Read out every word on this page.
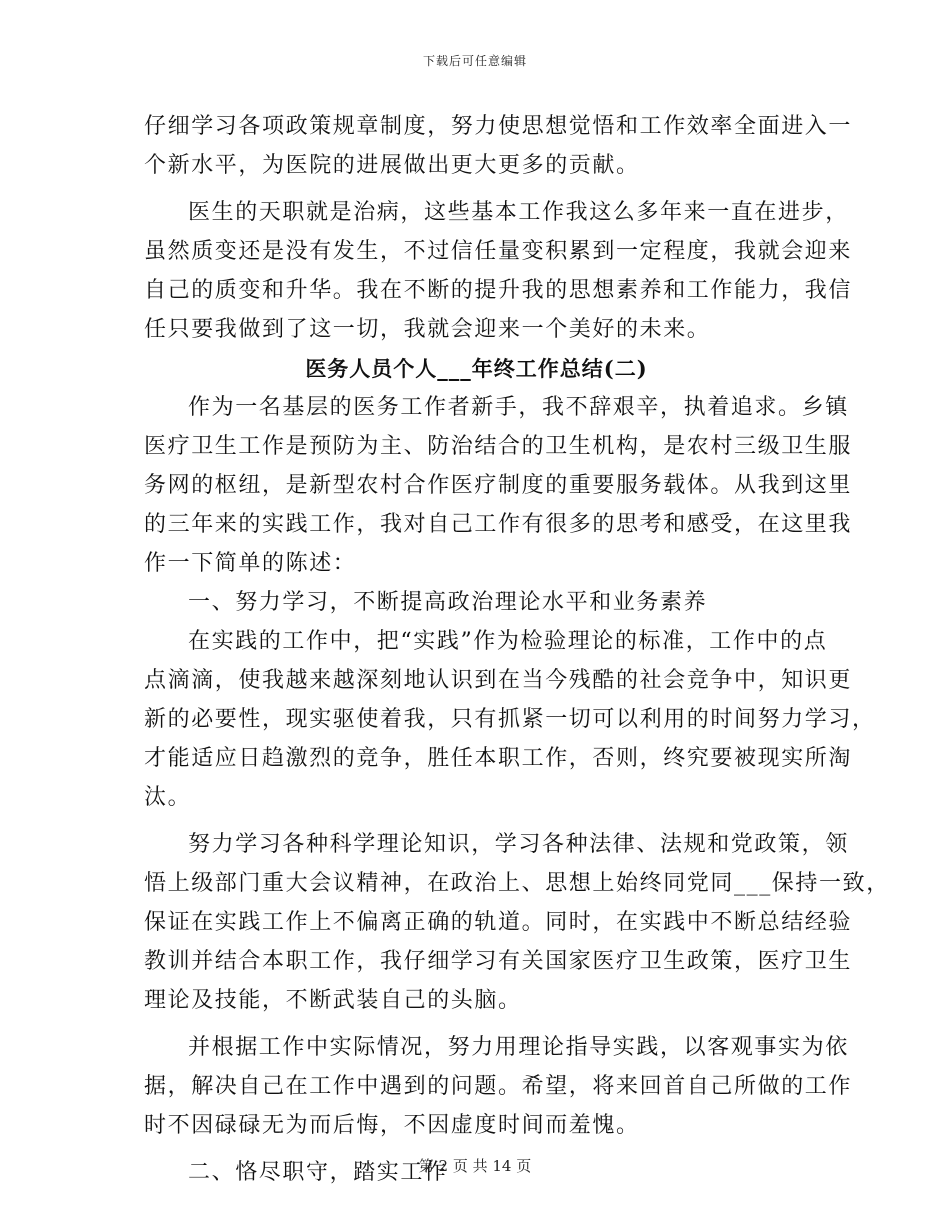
下载后可任意编辑
仔细学习各项政策规章制度，努力使思想觉悟和工作效率全面进入一
个新水平，为医院的进展做出更大更多的贡献。
医生的天职就是治病，这些基本工作我这么多年来一直在进步，
虽然质变还是没有发生，不过信任量变积累到一定程度，我就会迎来
自己的质变和升华。我在不断的提升我的思想素养和工作能力，我信
任只要我做到了这一切，我就会迎来一个美好的未来。
医务人员个人___年终工作总结(二)
作为一名基层的医务工作者新手，我不辞艰辛，执着追求。乡镇
医疗卫生工作是预防为主、防治结合的卫生机构，是农村三级卫生服
务网的枢纽，是新型农村合作医疗制度的重要服务载体。从我到这里
的三年来的实践工作，我对自己工作有很多的思考和感受，在这里我
作一下简单的陈述：
一、努力学习，不断提高政治理论水平和业务素养
在实践的工作中，把“实践”作为检验理论的标准，工作中的点
点滴滴，使我越来越深刻地认识到在当今残酷的社会竞争中，知识更
新的必要性，现实驱使着我，只有抓紧一切可以利用的时间努力学习，
才能适应日趋激烈的竞争，胜任本职工作，否则，终究要被现实所淘
汰。
努力学习各种科学理论知识，学习各种法律、法规和党政策，领
悟上级部门重大会议精神，在政治上、思想上始终同党同___保持一致，
保证在实践工作上不偏离正确的轨道。同时，在实践中不断总结经验
教训并结合本职工作，我仔细学习有关国家医疗卫生政策，医疗卫生
理论及技能，不断武装自己的头脑。
并根据工作中实际情况，努力用理论指导实践，以客观事实为依
据，解决自己在工作中遇到的问题。希望，将来回首自己所做的工作
时不因碌碌无为而后悔，不因虚度时间而羞愧。
二、恪尽职守，踏实工作
第 2 页 共 14 页
